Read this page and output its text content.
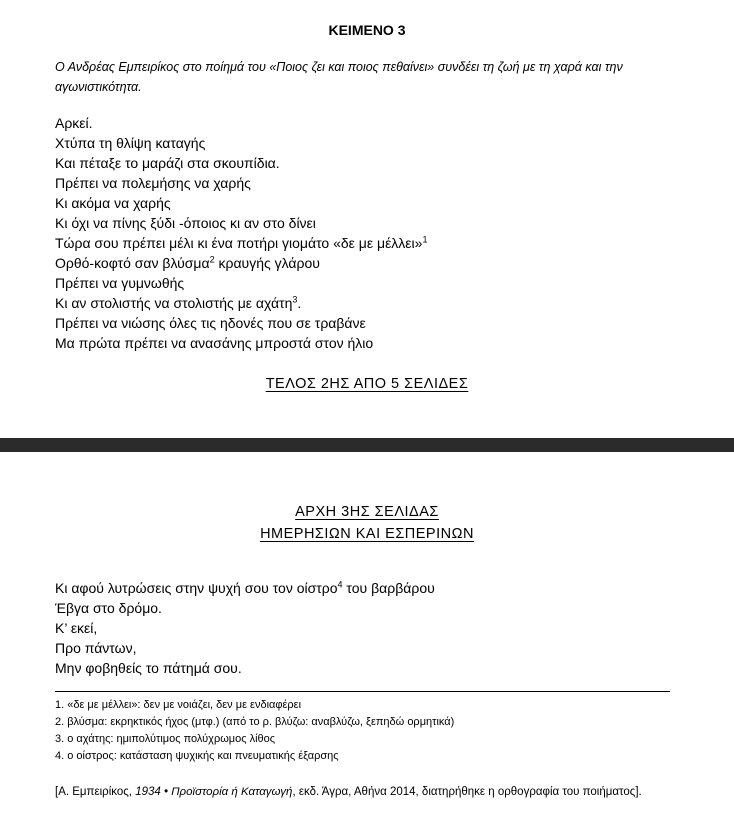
ΚΕΙΜΕΝΟ 3

Ο Ανδρέας Εμπειρίκος στο ποίημά του «Ποιος ζει και ποιος πεθαίνει» συνδέει τη ζωή με τη χαρά και την αγωνιστικότητα.

Αρκεί.
Χτύπα τη θλίψη καταγής
Και πέταξε το μαράζι στα σκουπίδια.
Πρέπει να πολεμήσης να χαρής
Κι ακόμα να χαρής
Κι όχι να πίνης ξύδι -όποιος κι αν στο δίνει
Τώρα σου πρέπει μέλι κι ένα ποτήρι γιομάτο «δε με μέλλει»$^1$
Ορθό-κοφτό σαν βλύσμα$^2$ κραυγής γλάρου
Πρέπει να γυμνωθής
Κι αν στολιστής να στολιστής με αχάτη$^3$.
Πρέπει να νιώσης όλες τις ηδονές που σε τραβάνε
Μα πρώτα πρέπει να ανασάνης μπροστά στον ήλιο

ΤΕΛΟΣ 2ΗΣ ΑΠΟ 5 ΣΕΛΙΔΕΣ

ΑΡΧΗ 3ΗΣ ΣΕΛΙΔΑΣ

ΗΜΕΡΗΣΙΩΝ ΚΑΙ ΕΣΠΕΡΙΝΩΝ

Κι αφού λυτρώσεις στην ψυχή σου τον οίστρο$^4$ του βαρβάρου
Έβγα στο δρόμο.
Κ’ εκεί,
Προ πάντων,
Μην φοβηθείς το πάτημά σου.
1. «δε με μέλλει»: δεν με νοιάζει, δεν με ενδιαφέρει
2. βλύσμα: εκρηκτικός ήχος (μτφ.) (από το ρ. βλύζω: αναβλύζω, ξεπηδώ ορμητικά)
3. ο αχάτης: ημιπολύτιμος πολύχρωμος λίθος
4. ο οίστρος: κατάσταση ψυχικής και πνευματικής έξαρσης

[Α. Εμπειρίκος, 1934 • Προϊστορία ή Καταγωγή, εκδ. Άγρα, Αθήνα 2014, διατηρήθηκε η ορθογραφία του ποιήματος].
